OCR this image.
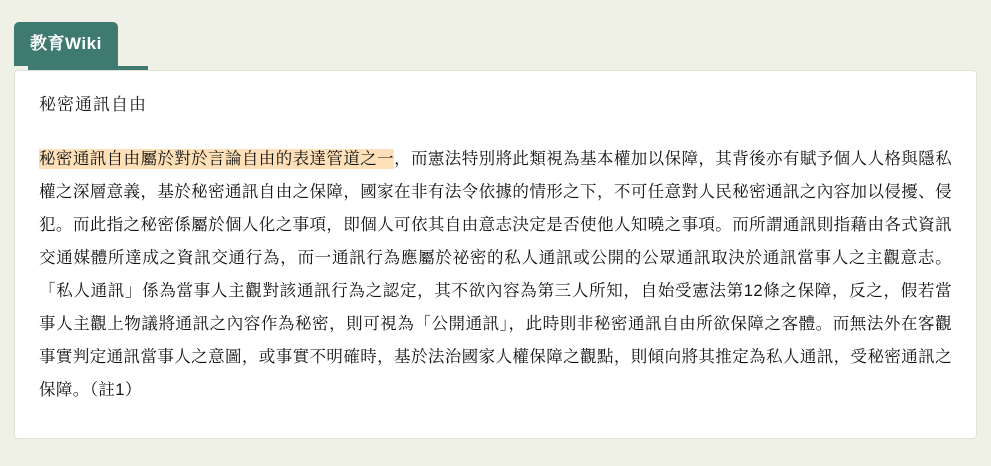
教育Wiki
秘密通訊自由

秘密通訊自由屬於對於言論自由的表達管道之一，而憲法特別將此類視為基本權加以保障，其背後亦有賦予個人人格與隱私權之深層意義，基於秘密通訊自由之保障，國家在非有法令依據的情形之下，不可任意對人民秘密通訊之內容加以侵擾、侵犯。而此指之秘密係屬於個人化之事項，即個人可依其自由意志決定是否使他人知曉之事項。而所謂通訊則指藉由各式資訊交通媒體所達成之資訊交通行為，而一通訊行為應屬於祕密的私人通訊或公開的公眾通訊取決於通訊當事人之主觀意志。「私人通訊」係為當事人主觀對該通訊行為之認定，其不欲內容為第三人所知，自始受憲法第12條之保障，反之，假若當事人主觀上物議將通訊之內容作為秘密，則可視為「公開通訊」，此時則非秘密通訊自由所欲保障之客體。而無法外在客觀事實判定通訊當事人之意圖，或事實不明確時，基於法治國家人權保障之觀點，則傾向將其推定為私人通訊，受秘密通訊之保障。（註1）
